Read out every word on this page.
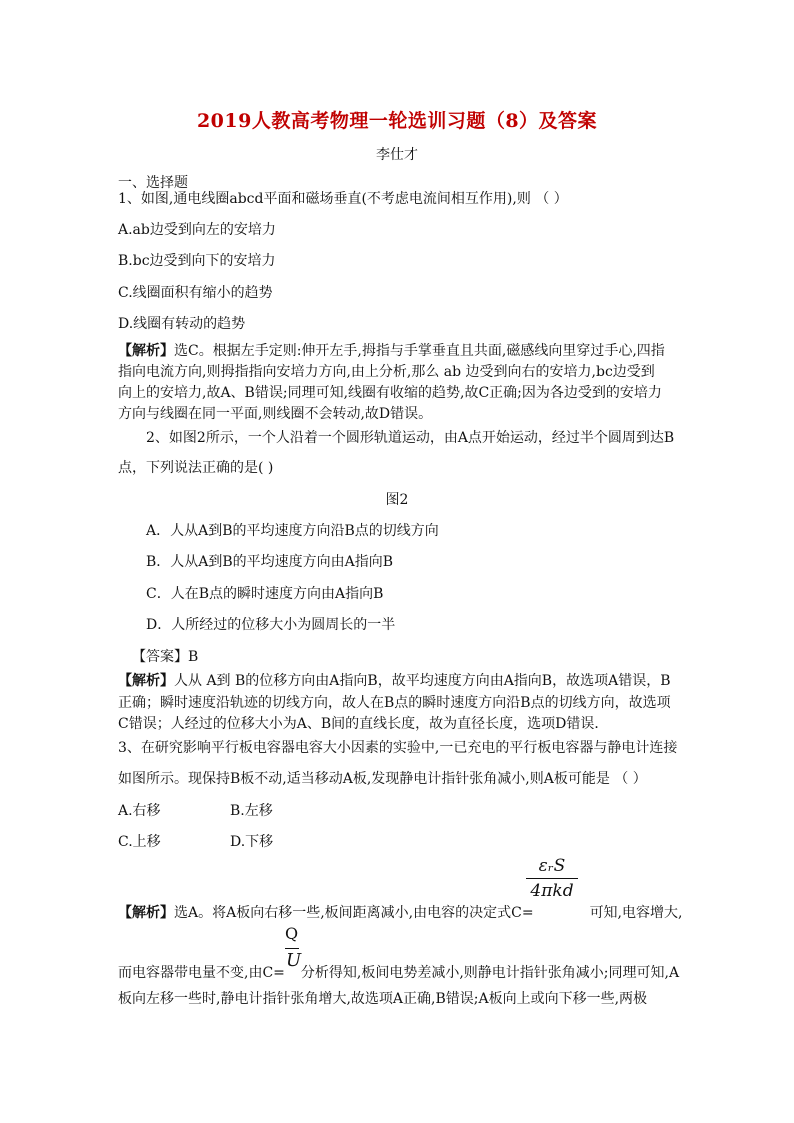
2019人教高考物理一轮选训习题（8）及答案
李仕才
一、选择题
1、如图,通电线圈abcd平面和磁场垂直(不考虑电流间相互作用),则 （ ）
A.ab边受到向左的安培力
B.bc边受到向下的安培力
C.线圈面积有缩小的趋势
D.线圈有转动的趋势
【解析】选C。根据左手定则:伸开左手,拇指与手掌垂直且共面,磁感线向里穿过手心,四指
指向电流方向,则拇指指向安培力方向,由上分析,那么 ab 边受到向右的安培力,bc边受到
向上的安培力,故A、B错误;同理可知,线圈有收缩的趋势,故C正确;因为各边受到的安培力
方向与线圈在同一平面,则线圈不会转动,故D错误。
2、如图2所示，一个人沿着一个圆形轨道运动，由A点开始运动，经过半个圆周到达B
点，下列说法正确的是( )
图2
A．人从A到B的平均速度方向沿B点的切线方向
B．人从A到B的平均速度方向由A指向B
C．人在B点的瞬时速度方向由A指向B
D．人所经过的位移大小为圆周长的一半
【答案】B
【解析】人从 A到 B的位移方向由A指向B，故平均速度方向由A指向B，故选项A错误，B
正确；瞬时速度沿轨迹的切线方向，故人在B点的瞬时速度方向沿B点的切线方向，故选项
C错误；人经过的位移大小为A、B间的直线长度，故为直径长度，选项D错误．
3、在研究影响平行板电容器电容大小因素的实验中,一已充电的平行板电容器与静电计连接
如图所示。现保持B板不动,适当移动A板,发现静电计指针张角减小,则A板可能是 （ ）
A.右移	B.左移
C.上移	D.下移
εᵣS
4πkd
【解析】选A。将A板向右移一些,板间距离减小,由电容的决定式C=	可知,电容增大,
Q
U
而电容器带电量不变,由C= 分析得知,板间电势差减小,则静电计指针张角减小;同理可知,A
板向左移一些时,静电计指针张角增大,故选项A正确,B错误;A板向上或向下移一些,两极
